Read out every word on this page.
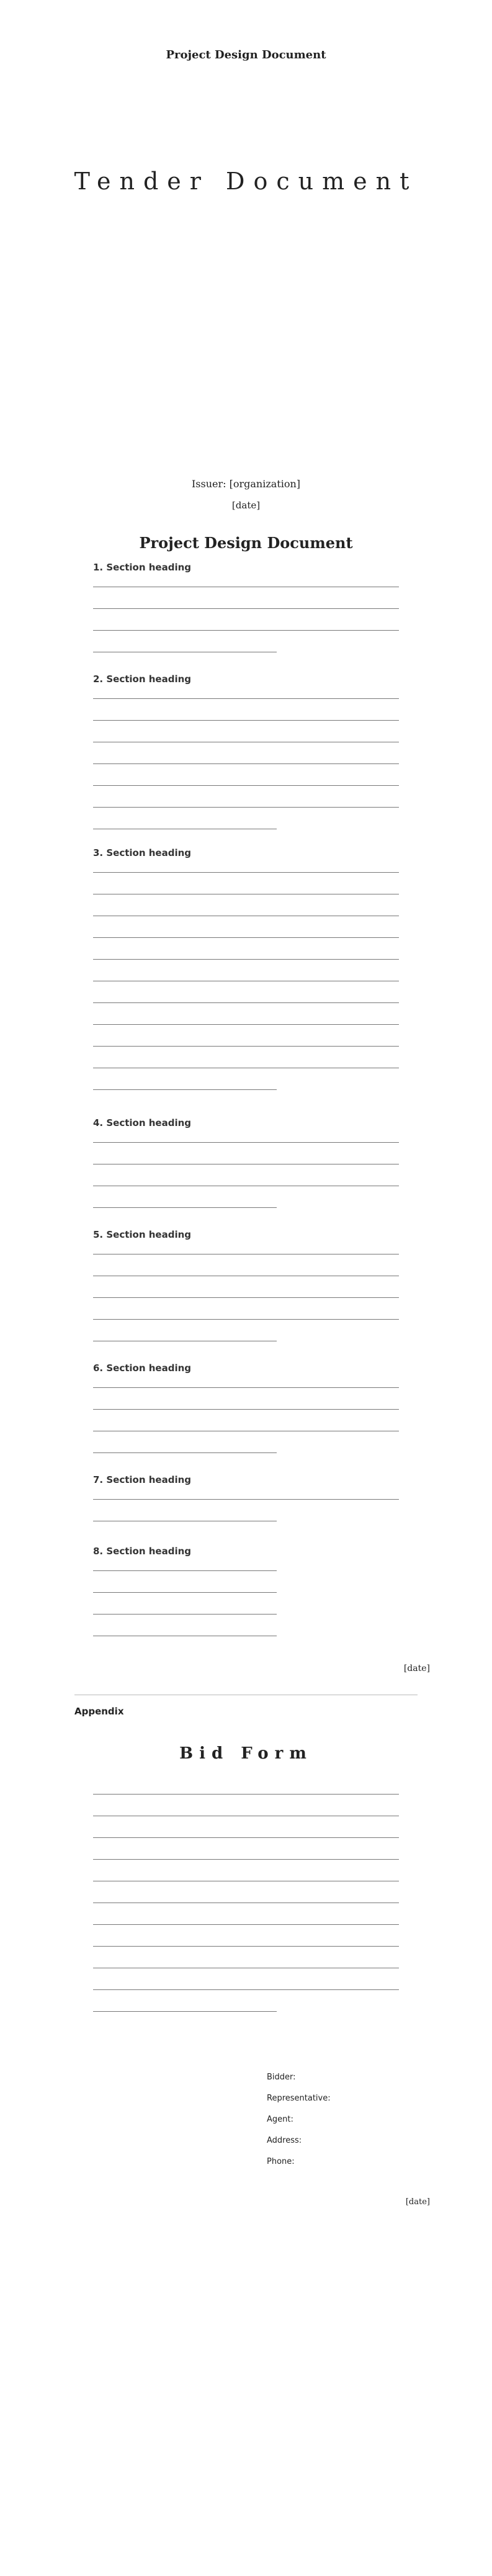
Project Design Document
Tender Document
Issuer: [organization]
[date]
Project Design Document
1. Section heading
2. Section heading
3. Section heading
4. Section heading
5. Section heading
6. Section heading
7. Section heading
8. Section heading
[date]
Appendix
Bid Form
Bidder:
Representative:
Agent:
Address:
Phone:
[date]
